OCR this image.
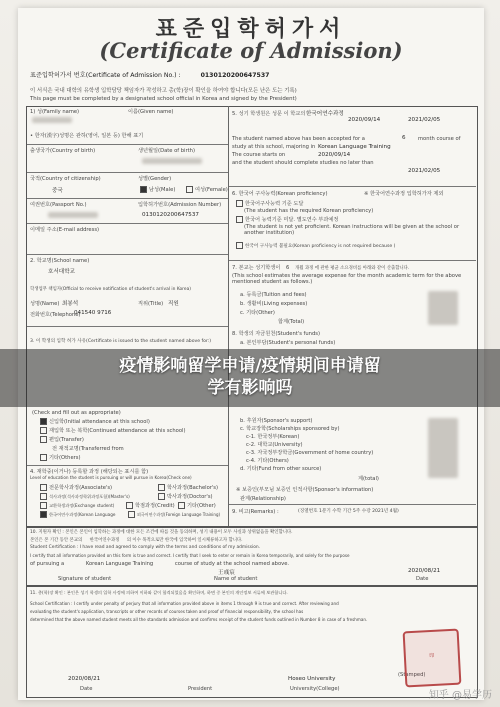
표준입학허가서
(Certificate of Admission)
표준입학허가서 번호(Certificate of Admission No.) :	0130120200647537
이 서식은 국내 대학의 유학생 입학담당 책임자가 작성하고 총(학)장이 확인을 하여야 합니다(모든 난은 도는 기록)
This page must be completed by a designated school official in Korea and signed by the President)
1) 성(Family name)	이름(Given name)
• 한자(漢字)성명은 관하(영어, 일본 등) 한해 표기
출생국가(Country of birth)	생년월일(Date of birth)
국적(Country of citizenship)
중국
성별(Gender)
남성(Male)	여성(Female)
여권번호(Passport No.)	입학허가번호(Admission Number)
0130120200647537
이메일 주소(E-mail address)
2. 학교명(School name)
호서대학교
학생업무 책임자(Official to receive notification of student's arrival in Korea)
성명(Name) 최봉석	직위(Title) 직원
전화번호(Telephone)
041540 9716
3. 이 학생의 입학 허가 사유(Certificate is issued to the student named above for:)
(Check and fill out as appropriate)
신입학(Initial attendance at this school)
재입학 또는 복학(Continued attendance at this school)
편입(Transfer)
전 재적교명(Transferred from
기타(Others)
4. 재학중(이거나) 등록할 과정 (해당되는 표시를 함)
Level of education the student is pursuing or will pursue in Korea(Check one)
전문학사과정(Associate's)	학사과정(Bachelor's)
석사과정(석사과정학위과정포함)(Master's)	박사과정(Doctor's)
교환학생과정(Exchange student)	학점과정(Credit)	기타(Other)
한국어연수과정(Korean Language	외국어연수과정(Foreign Language Training)
5. 성기 학생원은 성문 이 학교의 한국어연수과정
2020/09/14	2021/02/05
The student named above has been accepted for a	6 month course of
study at this school, majoring in Korean Language Training
The course starts on	2020/09/14
and the student should complete studies no later than
2021/02/05
6. 한국어 구사능력(Korean proficiency)	※ 한국어연수과정 입학허가자 제외
한국어구사능력 기준 도달
(The student has the required Korean proficiency)
한국어 능력기준 미달. 별도연수 부과예정
(The student is not yet proficient. Korean instructions will be given at the school or another institution)
한국어 구사능력 불필요(Korean proficiency is not required because )
7. 본교는 성기학생이 6 개월 과정 에 관한 평균 소요경비를 아래와 같이 산출합니다.
(This school estimates the average expense for the month academic term for the above mentioned student as follows.)
a. 등록금(Tuition and fees)
b. 생활비(Living expenses)
c. 기타(Other)
합계(Total)
8. 학생의 자금원천(Student's funds)
a. 본인부담(Student's personal funds)
b. 후원자(Sponsor's support)
c. 학교장학(Scholarships sponsored by)
c-1. 한국정부(Korean)
c-2. 대학교(University)
c-3. 자국정부장학금(Government of home country)
c-4. 기타(Others)
d. 기타(Fund from other source)
계(total)
※ 보증인(부모님 보증인 인적사항(Sponsor's information)
관계(Relationship)
9. 비고(Remarks) :	(징열번호 1분기 수학 기간 5주 수강 2021년 4월)
10. 지원자 확인 : 본인은 본인이 입학하는 과정에 대한 모든 조건에 따를 것을 동의하며, 성기 내용이 모두 사실과 상위없음을 확인합니다.
본인은 본 기간 동안 본교의 한국어연수과정 의 이수 목적으로만 한국에 입국하여 일시체류하고자 합니다.
Student Certification : I have read and agreed to comply with the terms and conditions of my admission.
I certify that all information provided on this form is true and correct. I certify that I seek to enter or remain in Korea temporarily, and solely for the purpose
of pursuing a	Korean Language Training	course of study at the school named above.
王彧宸	2020/08/21
Signature of student	Name of student	Date
11. 총(학)장 확인 : 본인은 성기 학생의 입학 사정에 의하여 이하와 같이 합격되었음을 확인하며, 하면 중 본인의 개인정보 서류에 보관합니다.
School Certification : I certify under penalty of perjury that all information provided above in items 1 through 9 is true and correct. After reviewing and
evaluating the student's application, transcripts or other records of courses taken and proof of financial responsibility, the school has
determined that the above named student meets all the standards admission and confirms receipt of the student funds outlined in Number 8 in case of a freshman.
2020/08/21	Hoseo University
Date	President	University(College)
(Stamped)
印
疫情影响留学申请/疫情期间申请留
学有影响吗
知乎 @易学历
